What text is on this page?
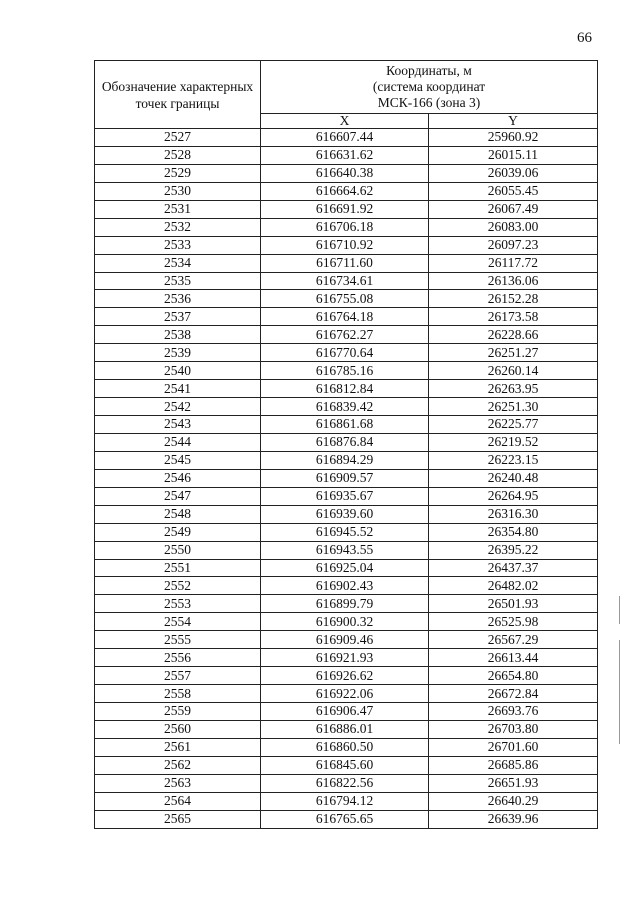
66
Обозначение характерных точек границы	Координаты, м
(система координат
МСК-166 (зона 3)	

	X	Y
2527	616607.44	25960.92
2528	616631.62	26015.11
2529	616640.38	26039.06
2530	616664.62	26055.45
2531	616691.92	26067.49
2532	616706.18	26083.00
2533	616710.92	26097.23
2534	616711.60	26117.72
2535	616734.61	26136.06
2536	616755.08	26152.28
2537	616764.18	26173.58
2538	616762.27	26228.66
2539	616770.64	26251.27
2540	616785.16	26260.14
2541	616812.84	26263.95
2542	616839.42	26251.30
2543	616861.68	26225.77
2544	616876.84	26219.52
2545	616894.29	26223.15
2546	616909.57	26240.48
2547	616935.67	26264.95
2548	616939.60	26316.30
2549	616945.52	26354.80
2550	616943.55	26395.22
2551	616925.04	26437.37
2552	616902.43	26482.02
2553	616899.79	26501.93
2554	616900.32	26525.98
2555	616909.46	26567.29
2556	616921.93	26613.44
2557	616926.62	26654.80
2558	616922.06	26672.84
2559	616906.47	26693.76
2560	616886.01	26703.80
2561	616860.50	26701.60
2562	616845.60	26685.86
2563	616822.56	26651.93
2564	616794.12	26640.29
2565	616765.65	26639.96
